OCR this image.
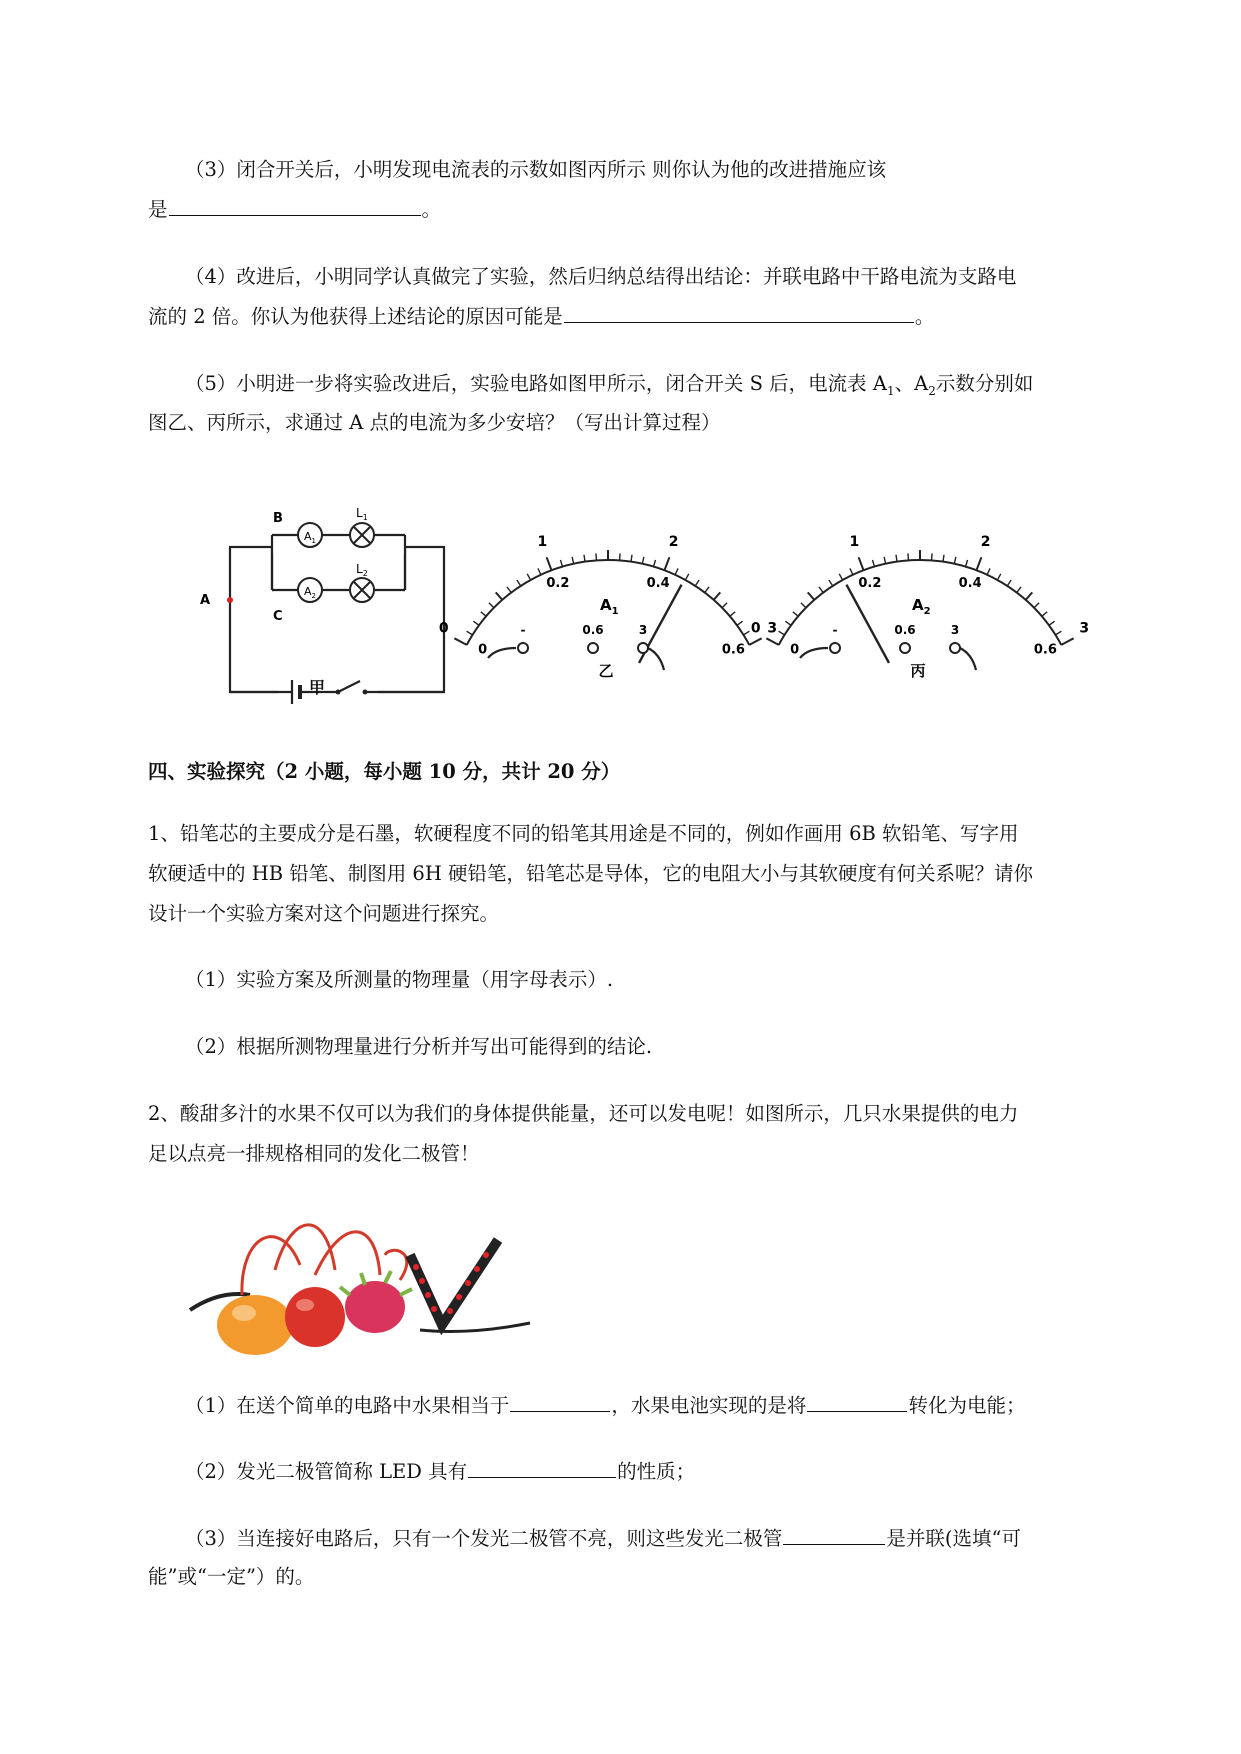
（3）闭合开关后，小明发现电流表的示数如图丙所示 则你认为他的改进措施应该
是	。
（4）改进后，小明同学认真做完了实验，然后归纳总结得出结论：并联电路中干路电流为支路电
流的 2 倍。你认为他获得上述结论的原因可能是	。
（5）小明进一步将实验改进后，实验电路如图甲所示，闭合开关 S 后，电流表 $A_1$、$A_2$示数分别如
图乙、丙所示，求通过 A 点的电流为多少安培？（写出计算过程）
B
C
A
$A_1$
$A_2$
$L_1$
$L_2$
甲
0
1	2
3
0
0.2	0.4
0.6
$A_1$
-	0.6	3
乙
0
1	2
3
0
0.2	0.4
0.6
$A_2$
-	0.6	3
丙
四、实验探究（2 小题，每小题 10 分，共计 20 分）
1、铅笔芯的主要成分是石墨，软硬程度不同的铅笔其用途是不同的，例如作画用 6B 软铅笔、写字用
软硬适中的 HB 铅笔、制图用 6H 硬铅笔，铅笔芯是导体，它的电阻大小与其软硬度有何关系呢？请你
设计一个实验方案对这个问题进行探究。
（1）实验方案及所测量的物理量（用字母表示）.
（2）根据所测物理量进行分析并写出可能得到的结论.
2、酸甜多汁的水果不仅可以为我们的身体提供能量，还可以发电呢！如图所示，几只水果提供的电力
足以点亮一排规格相同的发化二极管！
（1）在送个简单的电路中水果相当于	，水果电池实现的是将	转化为电能；
（2）发光二极管简称 LED 具有	的性质；
（3）当连接好电路后，只有一个发光二极管不亮，则这些发光二极管	是并联(选填“可
能”或“一定”）的。
